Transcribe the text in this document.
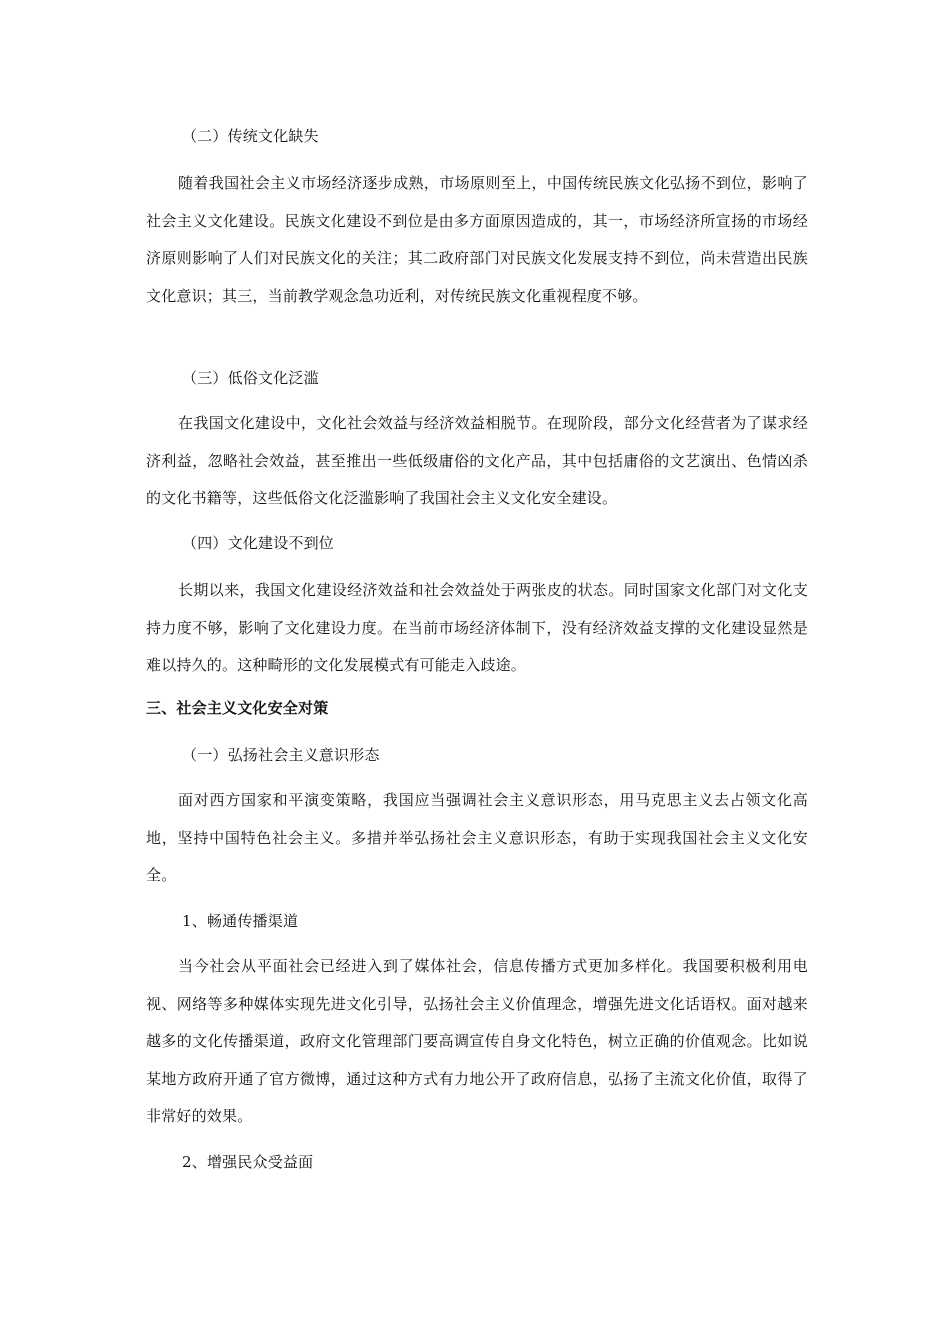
（二）传统文化缺失
随着我国社会主义市场经济逐步成熟，市场原则至上，中国传统民族文化弘扬不到位，影响了社会主义文化建设。民族文化建设不到位是由多方面原因造成的，其一，市场经济所宣扬的市场经济原则影响了人们对民族文化的关注；其二政府部门对民族文化发展支持不到位，尚未营造出民族文化意识；其三，当前教学观念急功近利，对传统民族文化重视程度不够。
（三）低俗文化泛滥
在我国文化建设中，文化社会效益与经济效益相脱节。在现阶段，部分文化经营者为了谋求经济利益，忽略社会效益，甚至推出一些低级庸俗的文化产品，其中包括庸俗的文艺演出、色情凶杀的文化书籍等，这些低俗文化泛滥影响了我国社会主义文化安全建设。
（四）文化建设不到位
长期以来，我国文化建设经济效益和社会效益处于两张皮的状态。同时国家文化部门对文化支持力度不够，影响了文化建设力度。在当前市场经济体制下，没有经济效益支撑的文化建设显然是难以持久的。这种畸形的文化发展模式有可能走入歧途。
三、社会主义文化安全对策
（一）弘扬社会主义意识形态
面对西方国家和平演变策略，我国应当强调社会主义意识形态，用马克思主义去占领文化高地，坚持中国特色社会主义。多措并举弘扬社会主义意识形态，有助于实现我国社会主义文化安全。
1、畅通传播渠道
当今社会从平面社会已经进入到了媒体社会，信息传播方式更加多样化。我国要积极利用电视、网络等多种媒体实现先进文化引导，弘扬社会主义价值理念，增强先进文化话语权。面对越来越多的文化传播渠道，政府文化管理部门要高调宣传自身文化特色，树立正确的价值观念。比如说某地方政府开通了官方微博，通过这种方式有力地公开了政府信息，弘扬了主流文化价值，取得了非常好的效果。
2、增强民众受益面
